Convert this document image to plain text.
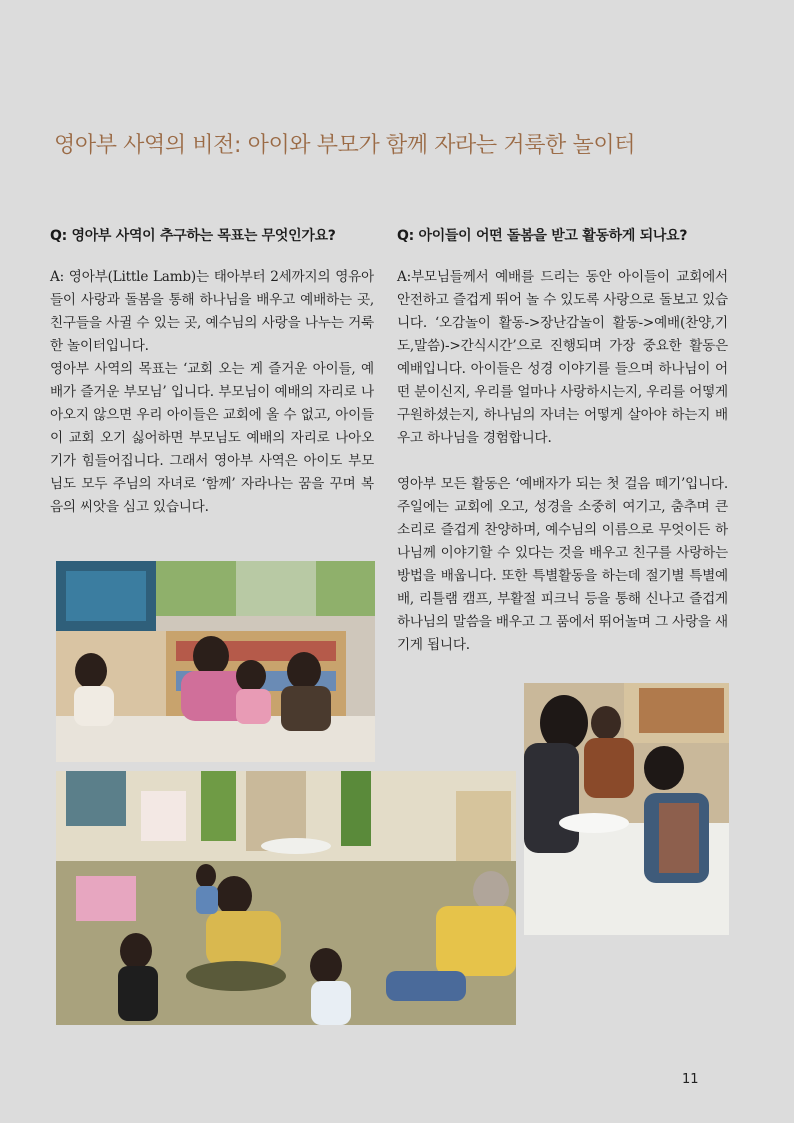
영아부 사역의 비전: 아이와 부모가 함께 자라는 거룩한 놀이터
Q: 영아부 사역이 추구하는 목표는 무엇인가요?	Q: 아이들이 어떤 돌봄을 받고 활동하게 되나요?

A: 영아부(Little Lamb)는 태아부터 2세까지의 영유아들이 사랑과 돌봄을 통해 하나님을 배우고 예배하는 곳, 친구들을 사귈 수 있는 곳, 예수님의 사랑을 나누는 거룩한 놀이터입니다.

영아부 사역의 목표는 ‘교회 오는 게 즐거운 아이들, 예배가 즐거운 부모님’ 입니다. 부모님이 예배의 자리로 나아오지 않으면 우리 아이들은 교회에 올 수 없고, 아이들이 교회 오기 싫어하면 부모님도 예배의 자리로 나아오기가 힘들어집니다. 그래서 영아부 사역은 아이도 부모님도 모두 주님의 자녀로 ‘함께’ 자라나는 꿈을 꾸며 복음의 씨앗을 심고 있습니다.

A:부모님들께서 예배를 드리는 동안 아이들이 교회에서 안전하고 즐겁게 뛰어 놀 수 있도록 사랑으로 돌보고 있습니다. ‘오감놀이 활동->장난감놀이 활동->예배(찬양,기도,말씀)->간식시간’으로 진행되며 가장 중요한 활동은 예배입니다. 아이들은 성경 이야기를 들으며 하나님이 어떤 분이신지, 우리를 얼마나 사랑하시는지, 우리를 어떻게 구원하셨는지, 하나님의 자녀는 어떻게 살아야 하는지 배우고 하나님을 경험합니다.

영아부 모든 활동은 ‘예배자가 되는 첫 걸음 떼기’입니다. 주일에는 교회에 오고, 성경을 소중히 여기고, 춤추며 큰 소리로 즐겁게 찬양하며, 예수님의 이름으로 무엇이든 하나님께 이야기할 수 있다는 것을 배우고 친구를 사랑하는 방법을 배웁니다. 또한 특별활동을 하는데 절기별 특별예배, 리틀램 캠프, 부활절 피크닉 등을 통해 신나고 즐겁게 하나님의 말씀을 배우고 그 품에서 뛰어놀며 그 사랑을 새기게 됩니다.

11
